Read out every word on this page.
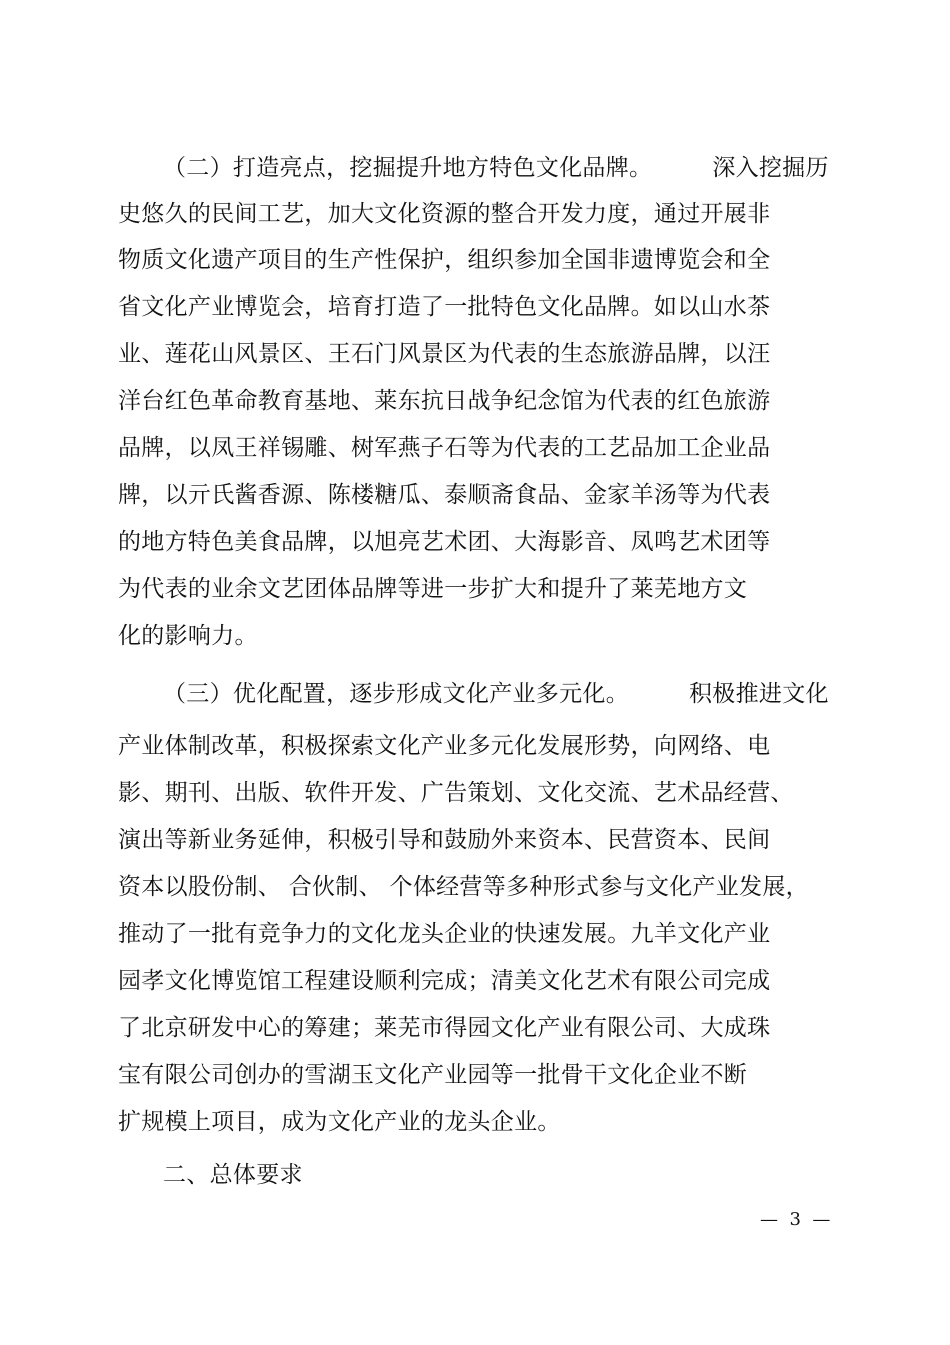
（二）打造亮点，挖掘提升地方特色文化品牌。	深入挖掘历
史悠久的民间工艺，加大文化资源的整合开发力度，通过开展非
物质文化遗产项目的生产性保护，组织参加全国非遗博览会和全
省文化产业博览会，培育打造了一批特色文化品牌。如以山水茶
业、莲花山风景区、王石门风景区为代表的生态旅游品牌，以汪
洋台红色革命教育基地、莱东抗日战争纪念馆为代表的红色旅游
品牌，以凤王祥锡雕、树军燕子石等为代表的工艺品加工企业品
牌，以亓氏酱香源、陈楼糖瓜、泰顺斋食品、金家羊汤等为代表
的地方特色美食品牌，以旭亮艺术团、大海影音、凤鸣艺术团等
为代表的业余文艺团体品牌等进一步扩大和提升了莱芜地方文
化的影响力。
（三）优化配置，逐步形成文化产业多元化。	积极推进文化
产业体制改革，积极探索文化产业多元化发展形势，向网络、电
影、期刊、出版、软件开发、广告策划、文化交流、艺术品经营、
演出等新业务延伸，积极引导和鼓励外来资本、民营资本、民间
资本以股份制、 合伙制、 个体经营等多种形式参与文化产业发展，
推动了一批有竞争力的文化龙头企业的快速发展。九羊文化产业
园孝文化博览馆工程建设顺利完成；清美文化艺术有限公司完成
了北京研发中心的筹建；莱芜市得园文化产业有限公司、大成珠
宝有限公司创办的雪湖玉文化产业园等一批骨干文化企业不断
扩规模上项目，成为文化产业的龙头企业。
二、总体要求
—  3  —
